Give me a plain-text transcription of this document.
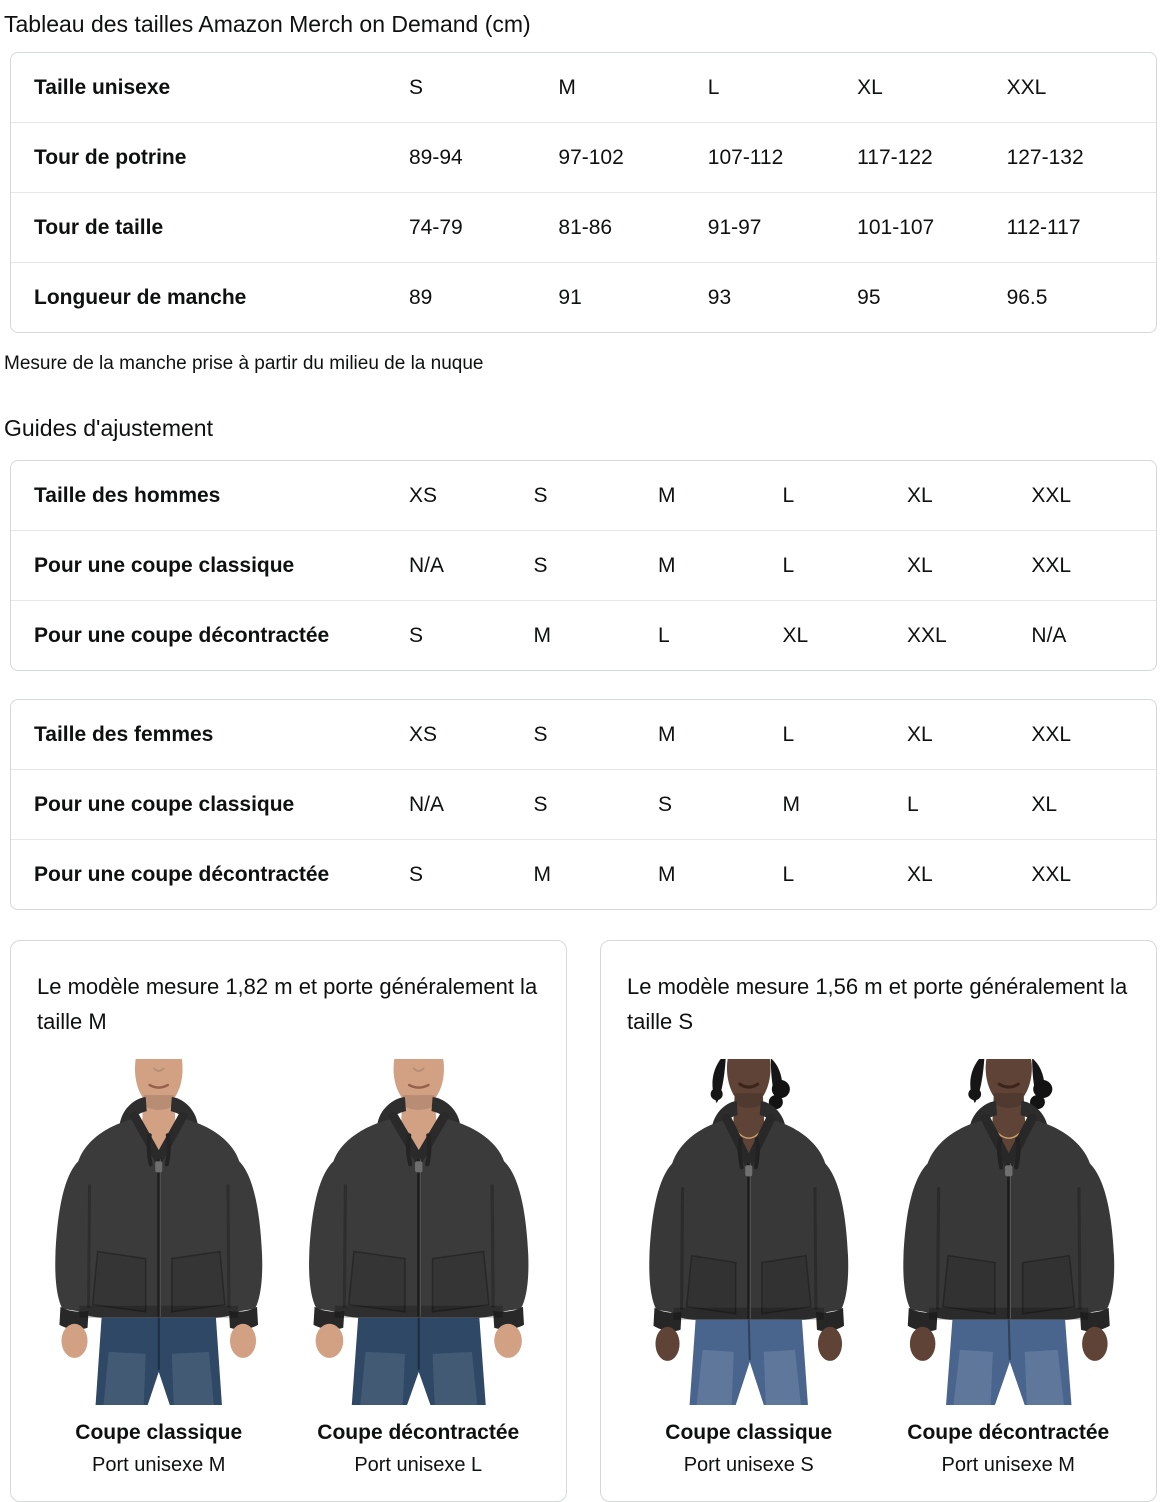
Tableau des tailles Amazon Merch on Demand (cm)
Taille unisexe	S	M	L	XL	XXL
Tour de potrine	89-94	97-102	107-112	117-122	127-132
Tour de taille	74-79	81-86	91-97	101-107	112-117
Longueur de manche	89	91	93	95	96.5

Mesure de la manche prise à partir du milieu de la nuque

Guides d'ajustement
Taille des hommes	XS	S	M	L	XL	XXL
Pour une coupe classique	N/A	S	M	L	XL	XXL
Pour une coupe décontractée	S	M	L	XL	XXL	N/A
Taille des femmes	XS	S	M	L	XL	XXL
Pour une coupe classique	N/A	S	S	M	L	XL
Pour une coupe décontractée	S	M	M	L	XL	XXL

Le modèle mesure 1,82 m et porte généralement la taille M

Coupe classique
Port unisexe M
Coupe décontractée
Port unisexe L

Le modèle mesure 1,56 m et porte généralement la taille S

Coupe classique
Port unisexe S
Coupe décontractée
Port unisexe M
